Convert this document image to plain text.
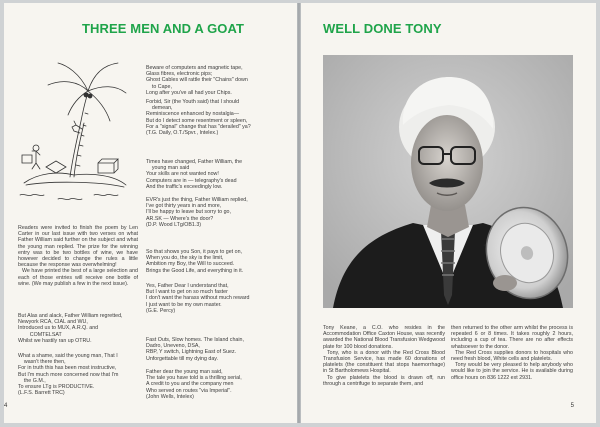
THREE MEN AND A GOAT

Readers were invited to finish the poem by Len Carter in our last issue with two verses on what Father William said further on the subject and what the young man replied. The prize for the winning entry was to be two bottles of wine, we have however decided to change the rules a little because the response was overwhelming!

We have printed the best of a large selection and each of those entries will receive one bottle of wine. (We may publish a few in the next issue).

But Alas and alack, Father William regretted,
Newyork RCA, CIAL and WU,
Introduced us to MUX, A.R.Q. and
COMTELSAT
Whilst we hastily ran up OTRU.
What a shame, said the young man, That I
wasn't there then,
For in truth this has been most instructive,
But I'm much more concerned now that I'm
the G.M.,
To ensure LTg is PRODUCTIVE.
(L.F.S. Barrett TRC)
Beware of computers and magnetic tape,
Glass fibres, electronic pips;
Ghost Cables will rattle their "Chains" down
to Cape,
Long after you've all had your Chips.
Forbid, Sir (the Youth said) that I should
demean,
Reminiscence enhanced by nostalgia—
But do I detect some resentment or spleen,
For a "signal" change that has "derailed" ya?
(T.G. Daily, O.T./Spvr., Intelex.)
Times have changed, Father William, the
young man said
Your skills are not wanted now!
Computers are in — telegraphy's dead
And the traffic's exceedingly low.
EVR's just the thing, Father William replied,
I've got thirty years in and more,
I'll be happy to leave but sorry to go,
AR.SK — Where's the door?
(D.P. Wood LTg/OB1.3)
So that shows you Son, it pays to get on,
When you do, the sky is the limit,
Ambition my Boy, the Will to succeed.
Brings the Good Life, and everything in it.
Yes, Father Dear I understand that,
But I want to get on so much faster
I don't want the harass without much reward
I just want to be my own master.
(G.E. Percy)
Fast Outs, Slow homes. The Island chain,
Dadro, Uneveno, DSA,
RBP, Y switch, Lightning East of Suez.
Unforgettable till my dying day.
Father dear the young man said,
The tale you have told is a thrilling serial,
A credit to you and the company men
Who served on routes "via Imperial".
(John Wells, Intelex)
4
WELL DONE TONY

Tony Keane, a C.O. who resides in the Accommodation Office Caxton House, was recently awarded the National Blood Transfusion Wedgwood plate for 100 blood donations.

Tony, who is a donor with the Red Cross Blood Transfusion Service, has made 60 donations of platelets (the constituent that stops haemorrhage) in St Bartholomews Hospital.

To give platelets the blood is drawn off, run through a centrifuge to separate them, and

then returned to the other arm whilst the process is repeated 6 or 8 times. It takes roughly 2 hours, including a cup of tea. There are no after effects whatsoever to the donor.

The Red Cross supplies donors to hospitals who need fresh blood, White cells and platelets.

Tony would be very pleased to help anybody who would like to join the service. He is available during office hours on 836 1222 ext 2931.

5
